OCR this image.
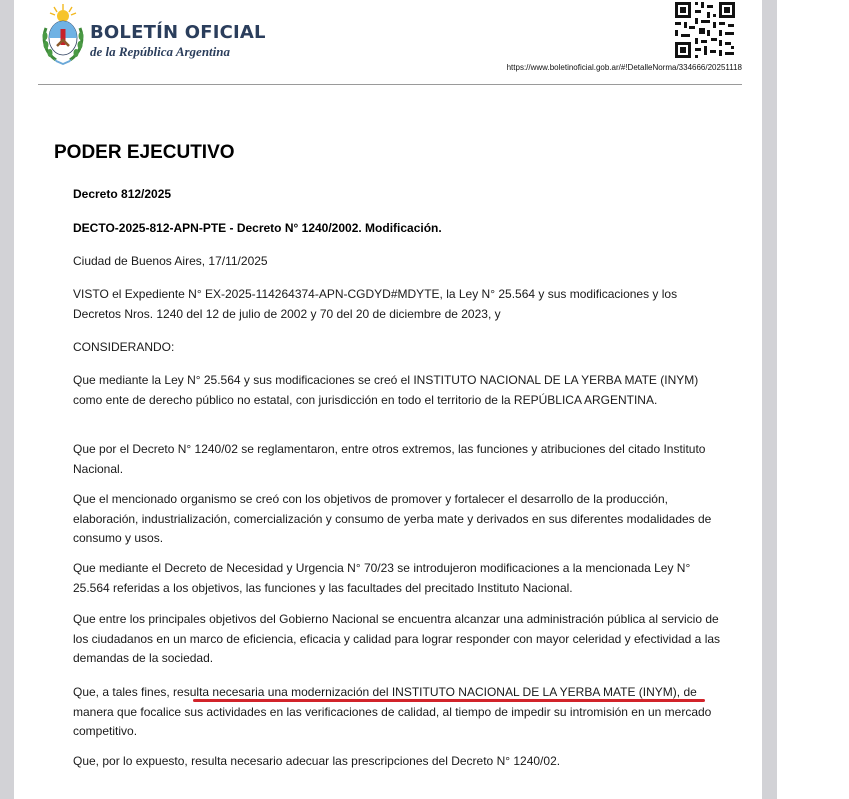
BOLETÍN OFICIAL
de la República Argentina
https://www.boletinoficial.gob.ar/#!DetalleNorma/334666/20251118
PODER EJECUTIVO
Decreto 812/2025
DECTO-2025-812-APN-PTE - Decreto N° 1240/2002. Modificación.
Ciudad de Buenos Aires, 17/11/2025
VISTO el Expediente N° EX-2025-114264374-APN-CGDYD#MDYTE, la Ley N° 25.564 y sus modificaciones y los Decretos Nros. 1240 del 12 de julio de 2002 y 70 del 20 de diciembre de 2023, y
CONSIDERANDO:
Que mediante la Ley N° 25.564 y sus modificaciones se creó el INSTITUTO NACIONAL DE LA YERBA MATE (INYM) como ente de derecho público no estatal, con jurisdicción en todo el territorio de la REPÚBLICA ARGENTINA.
Que por el Decreto N° 1240/02 se reglamentaron, entre otros extremos, las funciones y atribuciones del citado Instituto Nacional.
Que el mencionado organismo se creó con los objetivos de promover y fortalecer el desarrollo de la producción, elaboración, industrialización, comercialización y consumo de yerba mate y derivados en sus diferentes modalidades de consumo y usos.
Que mediante el Decreto de Necesidad y Urgencia N° 70/23 se introdujeron modificaciones a la mencionada Ley N° 25.564 referidas a los objetivos, las funciones y las facultades del precitado Instituto Nacional.
Que entre los principales objetivos del Gobierno Nacional se encuentra alcanzar una administración pública al servicio de los ciudadanos en un marco de eficiencia, eficacia y calidad para lograr responder con mayor celeridad y efectividad a las demandas de la sociedad.
Que, a tales fines, resulta necesaria una modernización del INSTITUTO NACIONAL DE LA YERBA MATE (INYM), de manera que focalice sus actividades en las verificaciones de calidad, al tiempo de impedir su intromisión en un mercado competitivo.
Que, por lo expuesto, resulta necesario adecuar las prescripciones del Decreto N° 1240/02.
